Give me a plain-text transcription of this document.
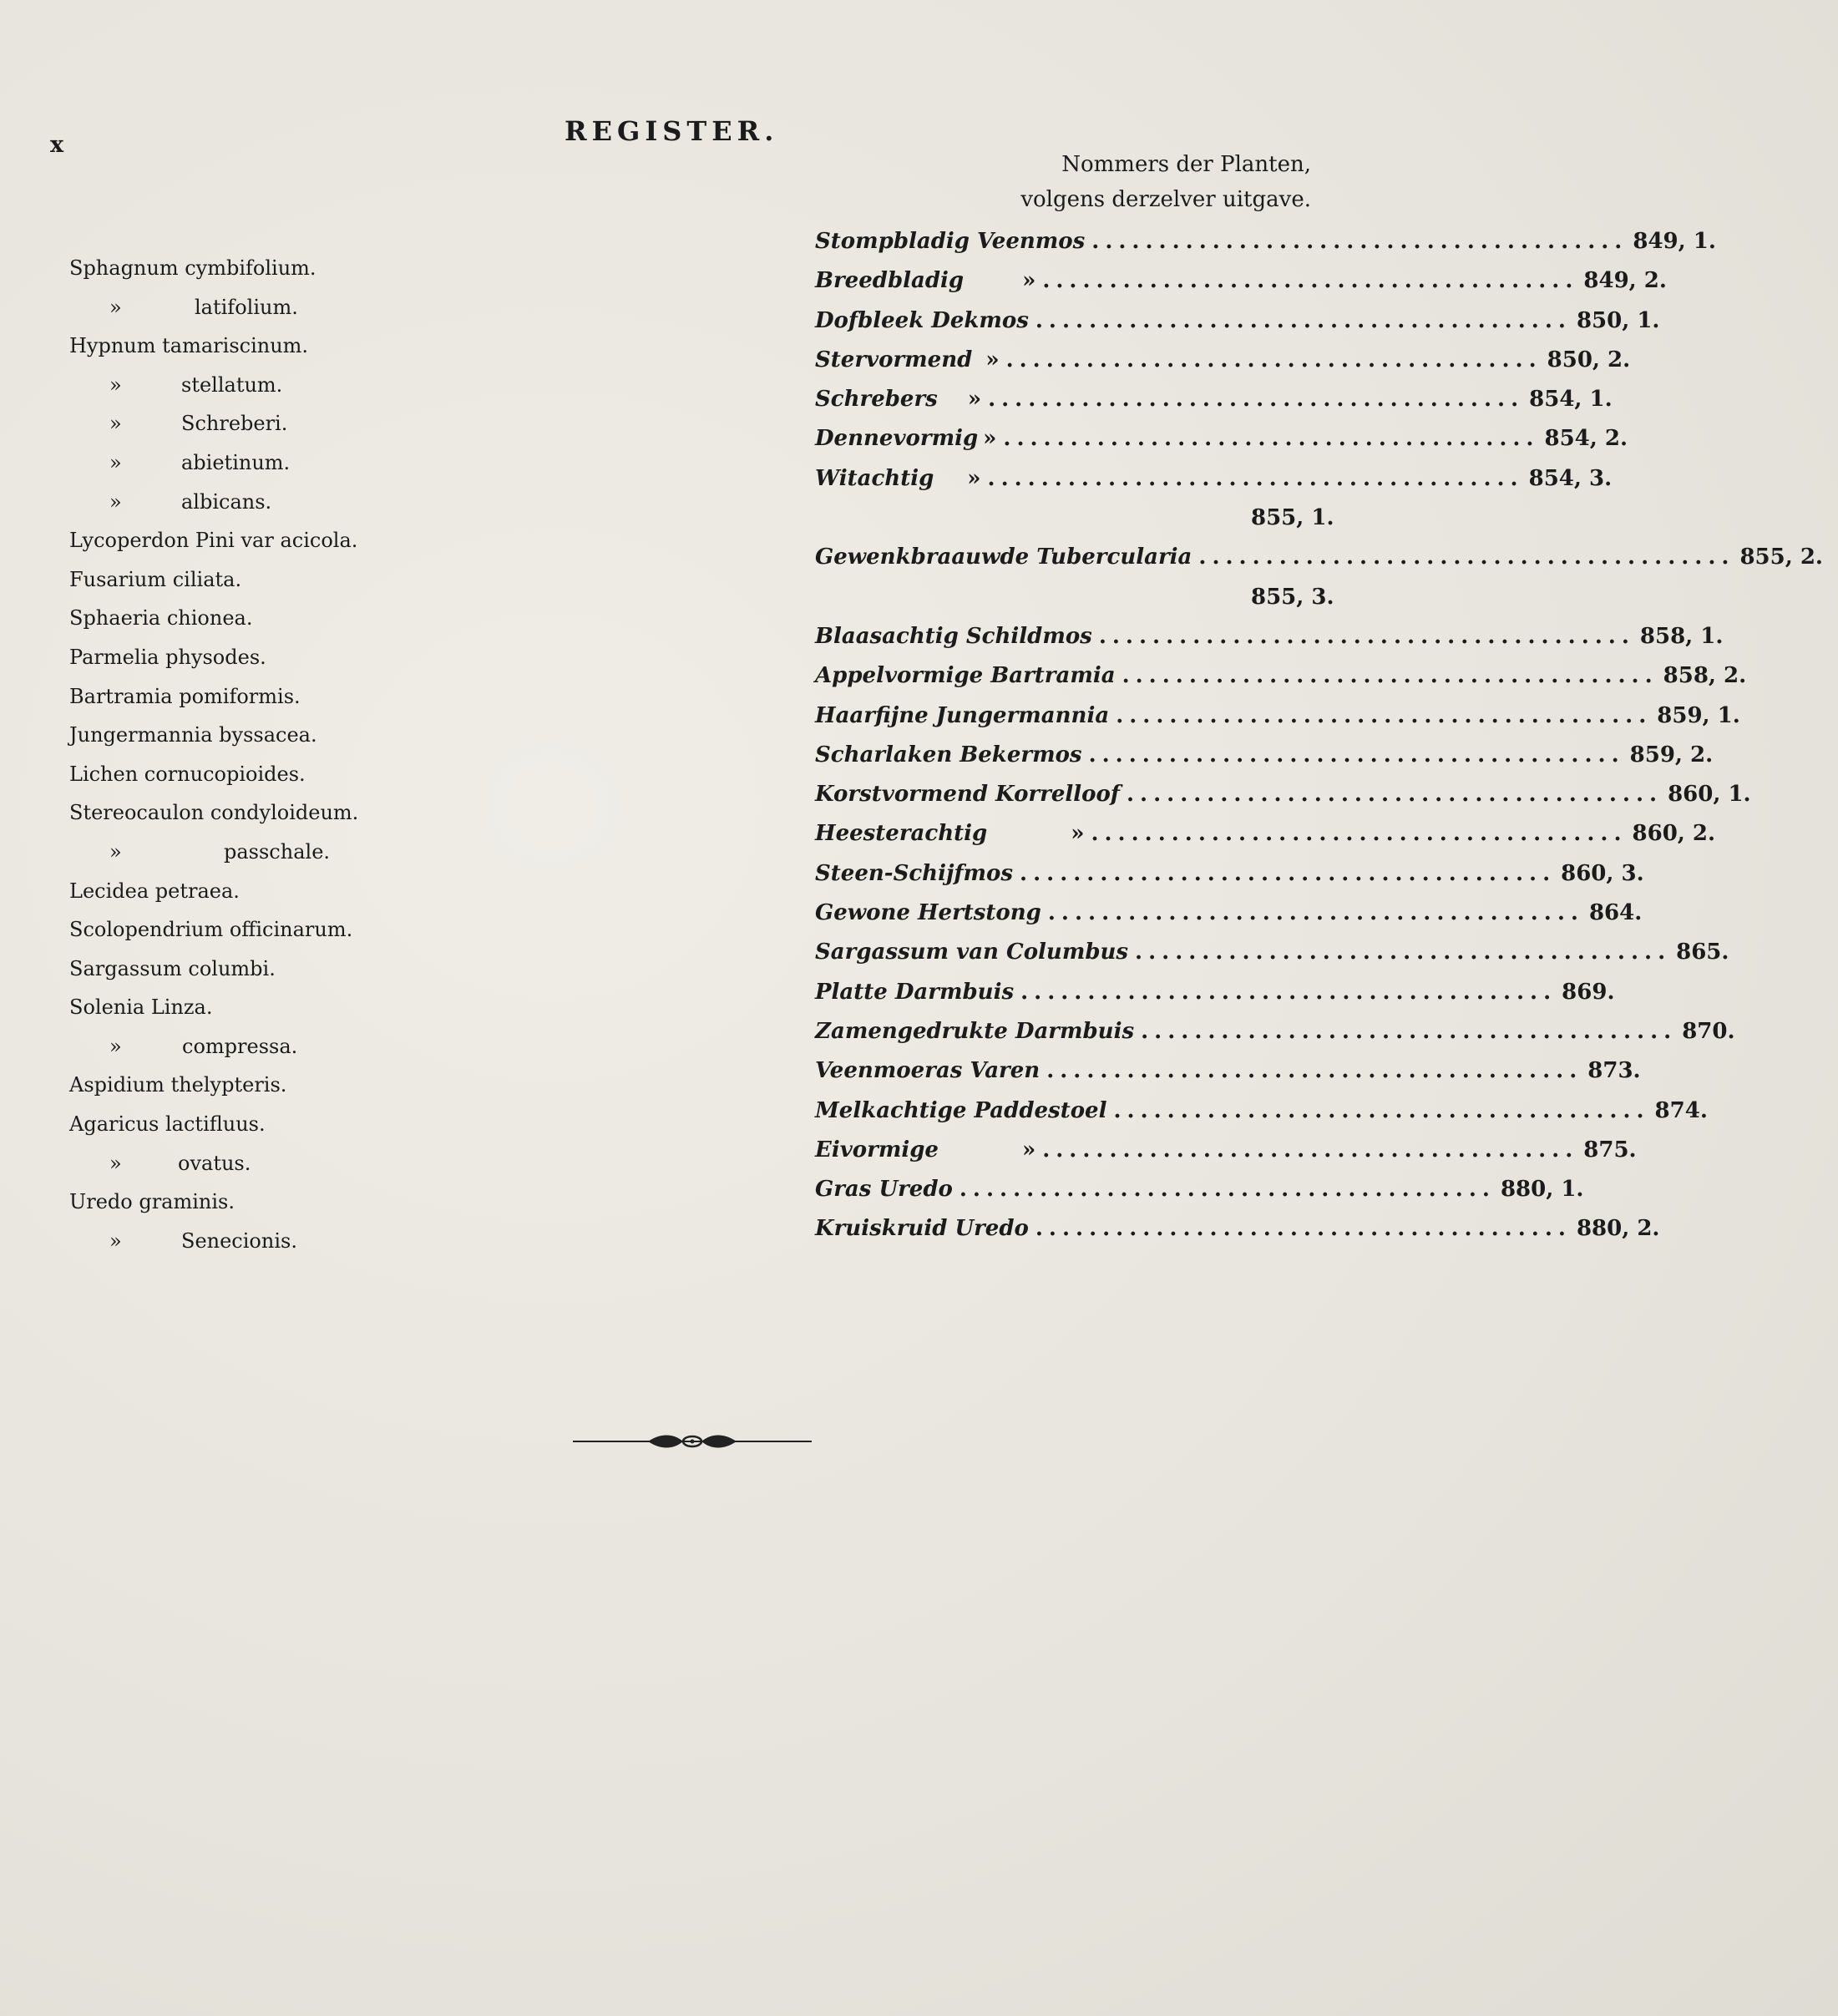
x	REGISTER.
Nommers der Planten,
volgens derzelver uitgave.
Sphagnum cymbifolium.
»	latifolium.
Hypnum tamariscinum.
»	stellatum.
»	Schreberi.
»	abietinum.
»	albicans.
Lycoperdon Pini var acicola.
Fusarium ciliata.
Sphaeria chionea.
Parmelia physodes.
Bartramia pomiformis.
Jungermannia byssacea.
Lichen cornucopioides.
Stereocaulon condyloideum.
»	passchale.
Lecidea petraea.
Scolopendrium officinarum.
Sargassum columbi.
Solenia Linza.
»	compressa.
Aspidium thelypteris.
Agaricus lactifluus.
»	ovatus.
Uredo graminis.
»	Senecionis.
Stompbladig Veenmos ........................................ 849, 1.
Breedbladig	» ........................................ 849, 2.
Dofbleek Dekmos ........................................ 850, 1.
Stervormend » ........................................ 850, 2.
Schrebers » ........................................ 854, 1.
Dennevormig » ........................................ 854, 2.
Witachtig » ........................................ 854, 3.
855, 1.
Gewenkbraauwde Tubercularia ........................................ 855, 2.
855, 3.
Blaasachtig Schildmos ........................................ 858, 1.
Appelvormige Bartramia ........................................ 858, 2.
Haarfijne Jungermannia ........................................ 859, 1.
Scharlaken Bekermos ........................................ 859, 2.
Korstvormend Korrelloof ........................................ 860, 1.
Heesterachtig	» ........................................ 860, 2.
Steen-Schijfmos ........................................ 860, 3.
Gewone Hertstong ........................................ 864.
Sargassum van Columbus ........................................ 865.
Platte Darmbuis ........................................ 869.
Zamengedrukte Darmbuis ........................................ 870.
Veenmoeras Varen ........................................ 873.
Melkachtige Paddestoel ........................................ 874.
Eivormige	» ........................................ 875.
Gras Uredo ........................................ 880, 1.
Kruiskruid Uredo ........................................ 880, 2.
